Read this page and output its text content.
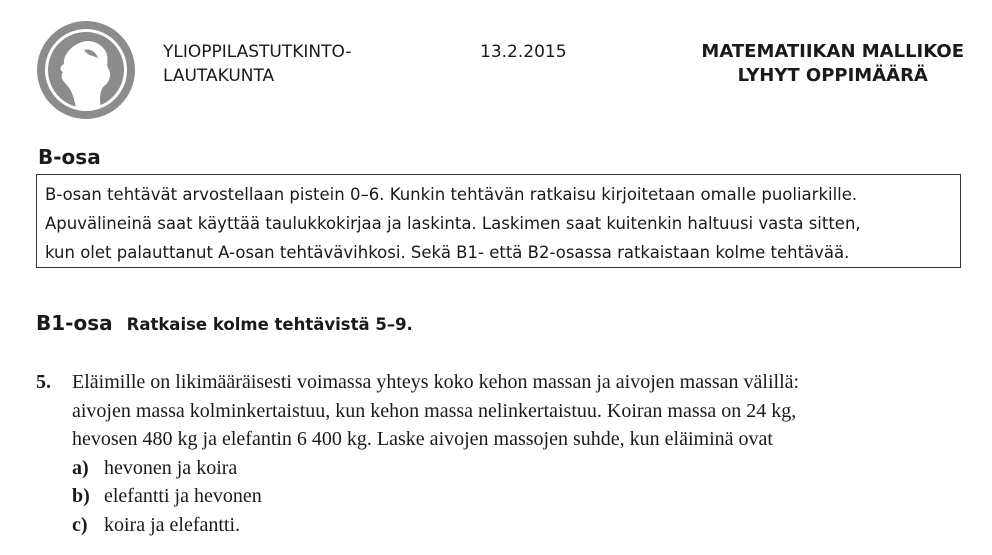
YLIOPPILASTUTKINTO-
LAUTAKUNTA
13.2.2015	MATEMATIIKAN MALLIKOE
LYHYT OPPIMÄÄRÄ
B-osa
B-osan tehtävät arvostellaan pistein 0–6. Kunkin tehtävän ratkaisu kirjoitetaan omalle puoliarkille.
Apuvälineinä saat käyttää taulukkokirjaa ja laskinta. Laskimen saat kuitenkin haltuusi vasta sitten,
kun olet palauttanut A-osan tehtävävihkosi. Sekä B1- että B2-osassa ratkaistaan kolme tehtävää.
B1-osa Ratkaise kolme tehtävistä 5–9.
5. Eläimille on likimääräisesti voimassa yhteys koko kehon massan ja aivojen massan välillä:
aivojen massa kolminkertaistuu, kun kehon massa nelinkertaistuu. Koiran massa on 24 kg,
hevosen 480 kg ja elefantin 6 400 kg. Laske aivojen massojen suhde, kun eläiminä ovat
a) hevonen ja koira
b) elefantti ja hevonen
c) koira ja elefantti.
